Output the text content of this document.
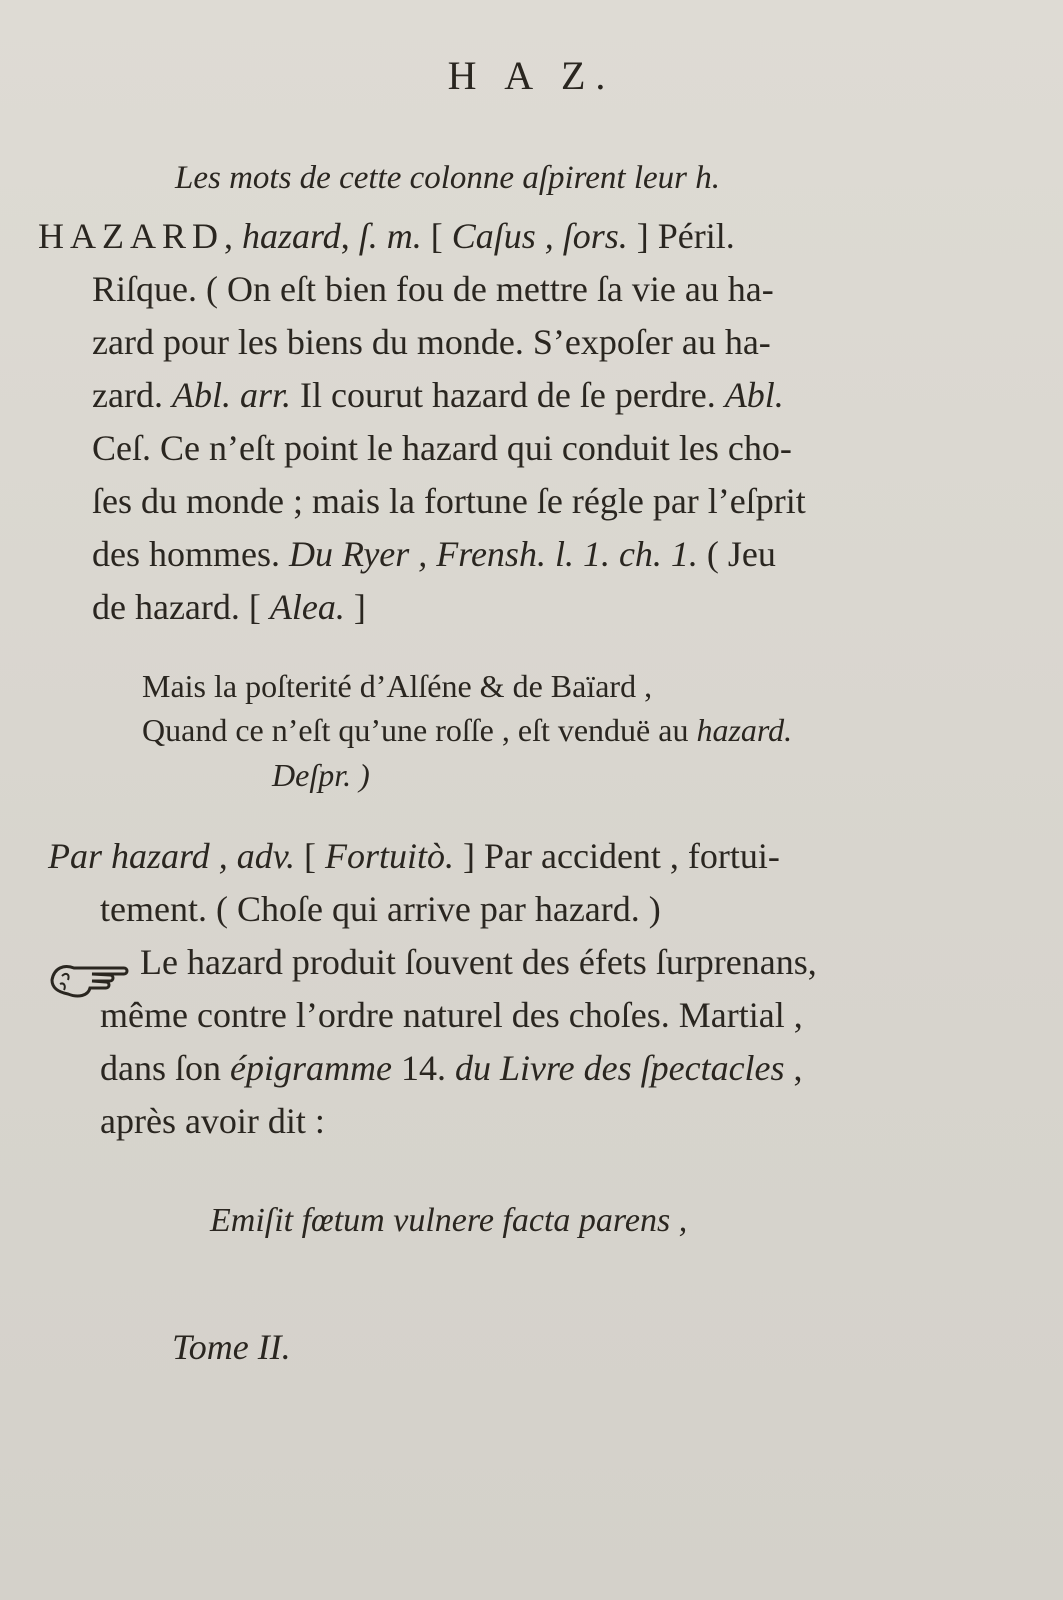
H A Z.
Les mots de cette colonne aſpirent leur h.
HAZARD, hazard, ſ. m. [ Caſus , ſors. ] Péril.
Riſque. ( On eſt bien fou de mettre ſa vie au ha-
zard pour les biens du monde. S’expoſer au ha-
zard. Abl. arr. Il courut hazard de ſe perdre. Abl.
Ceſ. Ce n’eſt point le hazard qui conduit les cho-
ſes du monde ; mais la fortune ſe régle par l’eſprit
des hommes. Du Ryer , Frensh. l. 1. ch. 1. ( Jeu
de hazard. [ Alea. ]
Mais la poſterité d’Alſéne & de Baïard ,
Quand ce n’eſt qu’une roſſe , eſt venduë au hazard.
Deſpr. )
Par hazard , adv. [ Fortuitò. ] Par accident , fortui-
tement. ( Choſe qui arrive par hazard. )
Le hazard produit ſouvent des éfets ſurprenans,
même contre l’ordre naturel des choſes. Martial ,
dans ſon épigramme 14. du Livre des ſpectacles ,
après avoir dit :
Emiſit fœtum vulnere facta parens ,
Tome II.
